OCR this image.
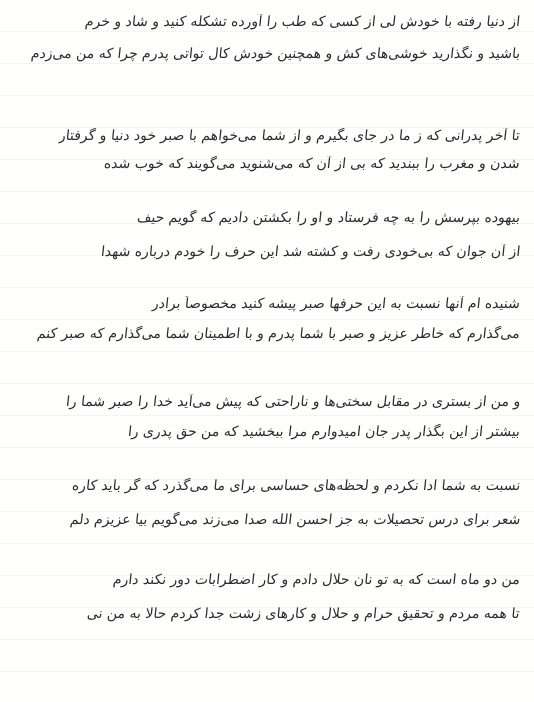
از دنیا رفته با خودش لی از کسی که طب را آورده تشکله کنید و شاد و خرم
باشید و نگذارید خوشی‌های کش و همچنین خودش کال تواتی پدرم چرا که من می‌زدم
تا آخر پدرانی که ز ما در جای بگیرم و از شما می‌خواهم با صبر خود دنیا و گرفتار
شدن و مغرب را ببندید که بی از آن که می‌شنوید می‌گویند که خوب شده
بیهوده بپرسش را به چه فرستاد و او را بکشتن دادیم که گویم حیف
از آن جوان که بی‌خودی رفت و کشته شد این حرف را خودم درباره شهدا
شنیده ام آنها نسبت به این حرفها صبر پیشه کنید مخصوصاً برادر
می‌گذارم که خاطر عزیز و صبر با شما پدرم و با اطمینان شما می‌گذارم که صبر کنم
و من از بستری در مقابل سختی‌ها و ناراحتی که پیش می‌آید خدا را صبر شما را
بیشتر از این بگذار پدر جان امیدوارم مرا ببخشید که من حق پدری را
نسبت به شما ادا نکردم و لحظه‌های حساسی برای ما می‌گذرد که گر باید کاره
شعر برای درس تحصیلات به جز احسن الله صدا می‌زند می‌گویم بیا عزیزم دلم
من دو ماه است که به تو نان حلال دادم و کار اضطرابات دور نکند دارم
تا همه مردم و تحقیق حرام و حلال و کارهای زشت جدا کردم حالا به من نی
